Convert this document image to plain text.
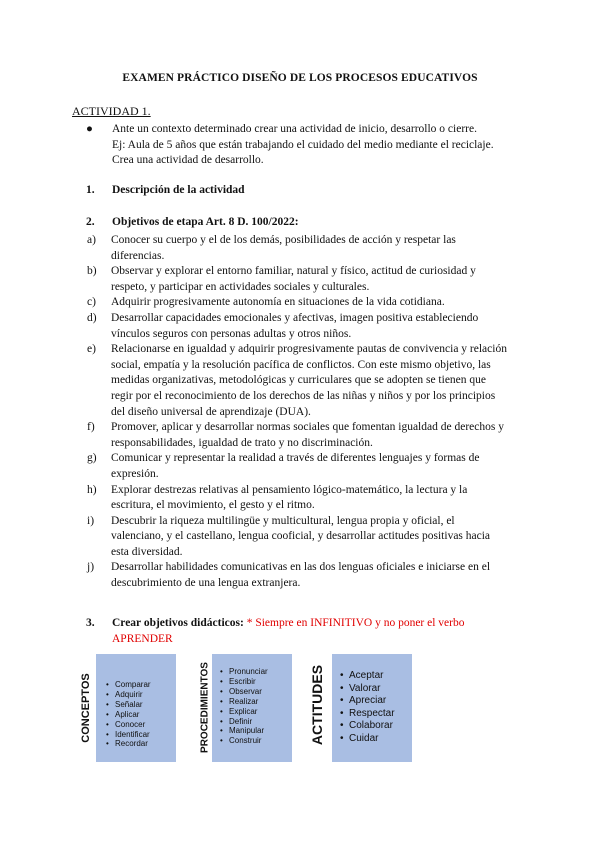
EXAMEN PRÁCTICO DISEÑO DE LOS PROCESOS EDUCATIVOS
ACTIVIDAD 1.
● Ante un contexto determinado crear una actividad de inicio, desarrollo o cierre.
Ej: Aula de 5 años que están trabajando el cuidado del medio mediante el reciclaje.
Crea una actividad de desarrollo.
1. Descripción de la actividad
2. Objetivos de etapa Art. 8 D. 100/2022:
a) Conocer su cuerpo y el de los demás, posibilidades de acción y respetar las
diferencias.
b) Observar y explorar el entorno familiar, natural y físico, actitud de curiosidad y
respeto, y participar en actividades sociales y culturales.
c) Adquirir progresivamente autonomía en situaciones de la vida cotidiana.
d) Desarrollar capacidades emocionales y afectivas, imagen positiva estableciendo
vínculos seguros con personas adultas y otros niños.
e) Relacionarse en igualdad y adquirir progresivamente pautas de convivencia y relación
social, empatía y la resolución pacífica de conflictos. Con este mismo objetivo, las
medidas organizativas, metodológicas y curriculares que se adopten se tienen que
regir por el reconocimiento de los derechos de las niñas y niños y por los principios
del diseño universal de aprendizaje (DUA).
f) Promover, aplicar y desarrollar normas sociales que fomentan igualdad de derechos y
responsabilidades, igualdad de trato y no discriminación.
g) Comunicar y representar la realidad a través de diferentes lenguajes y formas de
expresión.
h) Explorar destrezas relativas al pensamiento lógico-matemático, la lectura y la
escritura, el movimiento, el gesto y el ritmo.
i) Descubrir la riqueza multilingüe y multicultural, lengua propia y oficial, el
valenciano, y el castellano, lengua cooficial, y desarrollar actitudes positivas hacia
esta diversidad.
j) Desarrollar habilidades comunicativas en las dos lenguas oficiales e iniciarse en el
descubrimiento de una lengua extranjera.
3. Crear objetivos didácticos: * Siempre en INFINITIVO y no poner el verbo
APRENDER
CONCEPTOS	• Comparar
• Adquirir
• Señalar
• Aplicar
• Conocer
• Identificar
• Recordar	PROCEDIMIENTOS	• Pronunciar
• Escribir
• Observar
• Realizar
• Explicar
• Definir
• Manipular
• Construir	ACTITUDES	• Aceptar
• Valorar
• Apreciar
• Respectar
• Colaborar
• Cuidar
